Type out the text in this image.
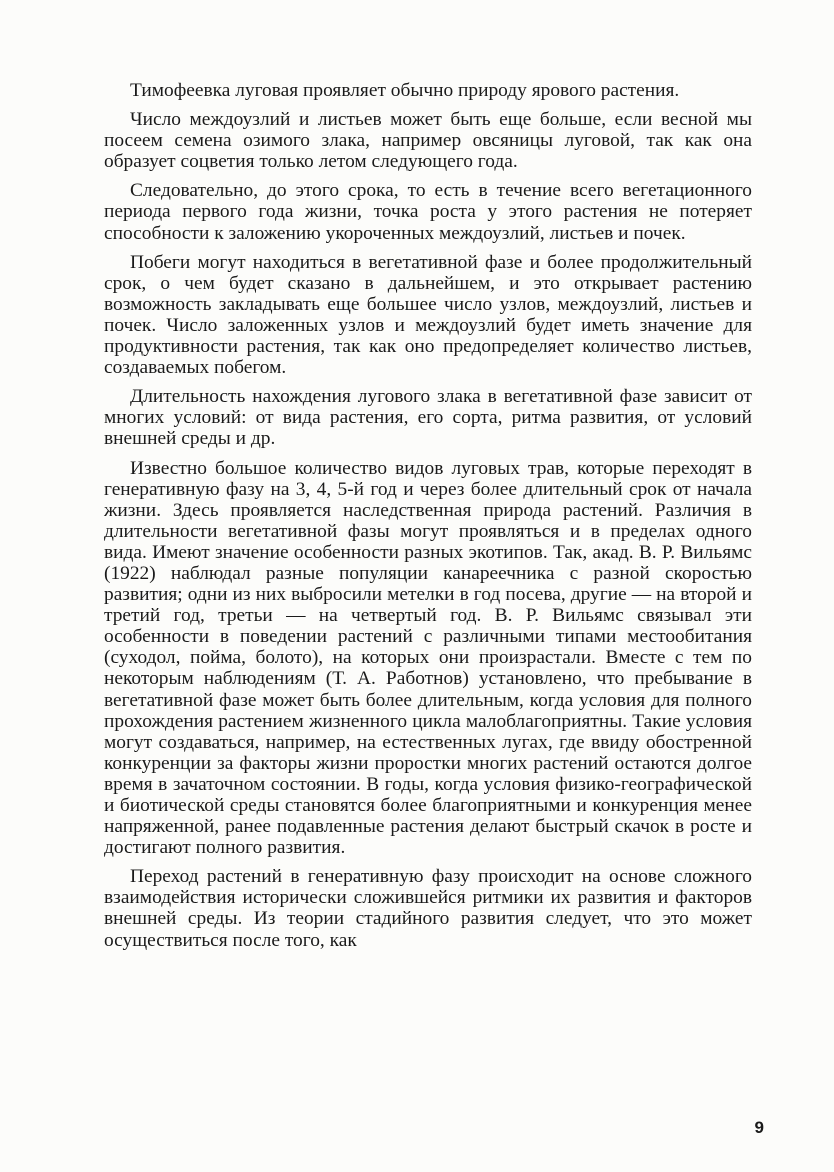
Тимофеевка луговая проявляет обычно природу ярового растения.

Число междоузлий и листьев может быть еще больше, если весной мы посеем семена озимого злака, например овсяницы луговой, так как она образует соцветия только летом следующего года.

Следовательно, до этого срока, то есть в течение всего вегетационного периода первого года жизни, точка роста у этого растения не потеряет способности к заложению укороченных междоузлий, листьев и почек.

Побеги могут находиться в вегетативной фазе и более продолжительный срок, о чем будет сказано в дальнейшем, и это открывает растению возможность закладывать еще большее число узлов, междоузлий, листьев и почек. Число заложенных узлов и междоузлий будет иметь значение для продуктивности растения, так как оно предопределяет количество листьев, создаваемых побегом.

Длительность нахождения лугового злака в вегетативной фазе зависит от многих условий: от вида растения, его сорта, ритма развития, от условий внешней среды и др.

Известно большое количество видов луговых трав, которые переходят в генеративную фазу на 3, 4, 5-й год и через более длительный срок от начала жизни. Здесь проявляется наследственная природа растений. Различия в длительности вегетативной фазы могут проявляться и в пределах одного вида. Имеют значение особенности разных экотипов. Так, акад. В. Р. Вильямс (1922) наблюдал разные популяции канареечника с разной скоростью развития; одни из них выбросили метелки в год посева, другие — на второй и третий год, третьи — на четвертый год. В. Р. Вильямс связывал эти особенности в поведении растений с различными типами местообитания (суходол, пойма, болото), на которых они произрастали. Вместе с тем по некоторым наблюдениям (Т. А. Работнов) установлено, что пребывание в вегетативной фазе может быть более длительным, когда условия для полного прохождения растением жизненного цикла малоблагоприятны. Такие условия могут создаваться, например, на естественных лугах, где ввиду обостренной конкуренции за факторы жизни проростки многих растений остаются долгое время в зачаточном состоянии. В годы, когда условия физико-географической и биотической среды становятся более благоприятными и конкуренция менее напряженной, ранее подавленные растения делают быстрый скачок в росте и достигают полного развития.

Переход растений в генеративную фазу происходит на основе сложного взаимодействия исторически сложившейся ритмики их развития и факторов внешней среды. Из теории стадийного развития следует, что это может осуществиться после того, как

9
